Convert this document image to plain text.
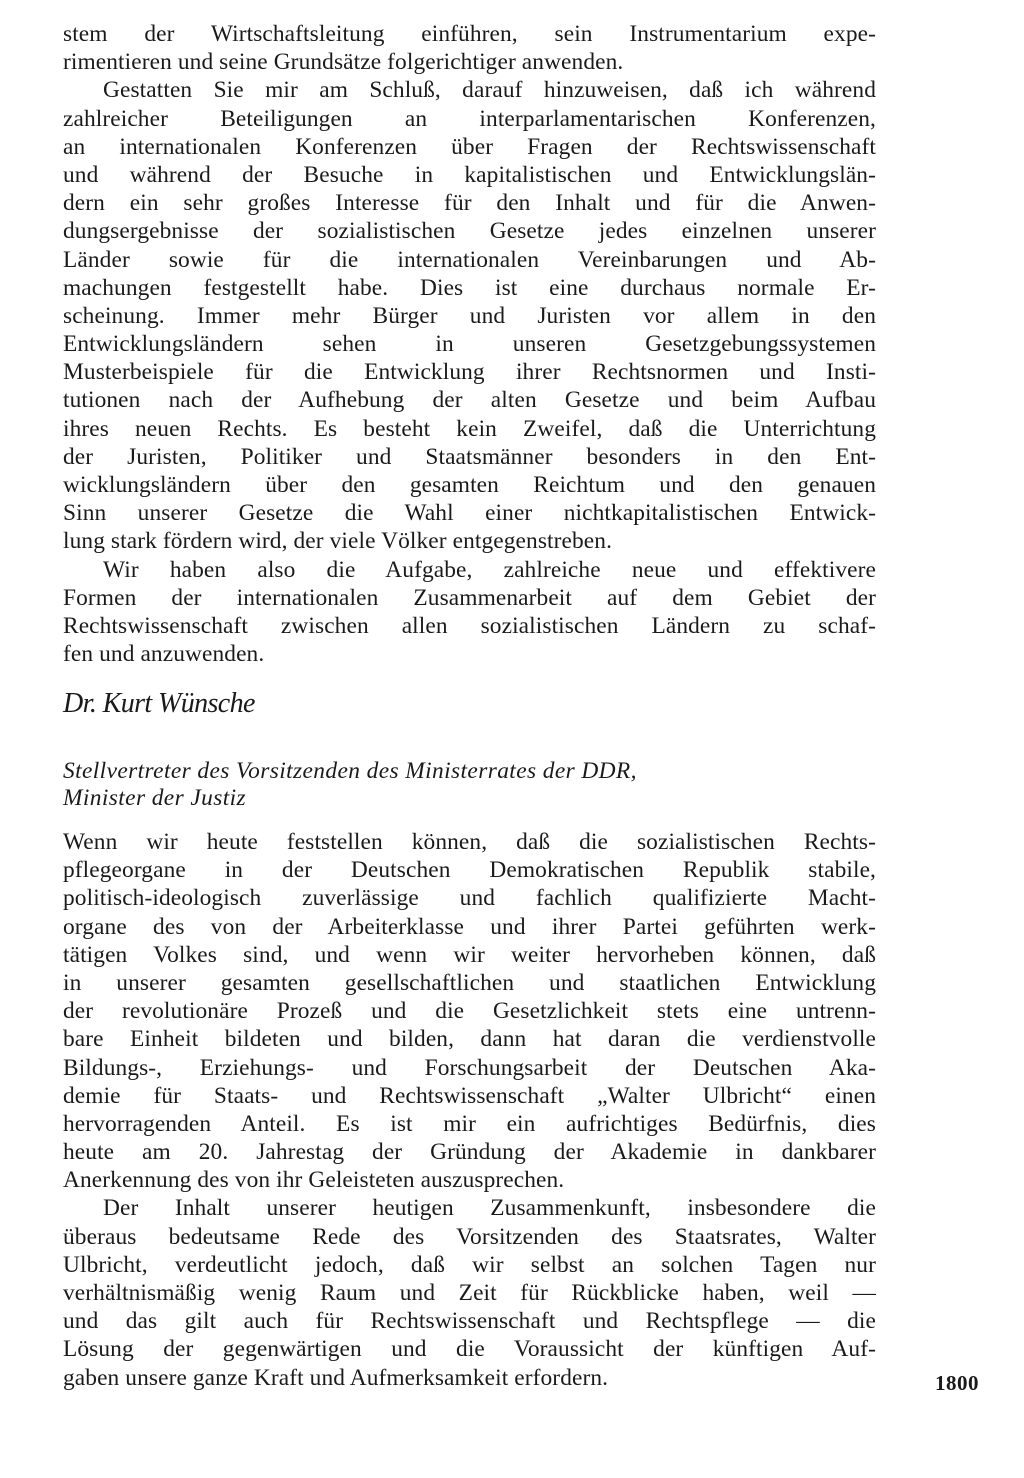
stem der Wirtschaftsleitung einführen, sein Instrumentarium expe-
rimentieren und seine Grundsätze folgerichtiger anwenden.
Gestatten Sie mir am Schluß, darauf hinzuweisen, daß ich während
zahlreicher Beteiligungen an interparlamentarischen Konferenzen,
an internationalen Konferenzen über Fragen der Rechtswissenschaft
und während der Besuche in kapitalistischen und Entwicklungslän-
dern ein sehr großes Interesse für den Inhalt und für die Anwen-
dungsergebnisse der sozialistischen Gesetze jedes einzelnen unserer
Länder sowie für die internationalen Vereinbarungen und Ab-
machungen festgestellt habe. Dies ist eine durchaus normale Er-
scheinung. Immer mehr Bürger und Juristen vor allem in den
Entwicklungsländern sehen in unseren Gesetzgebungssystemen
Musterbeispiele für die Entwicklung ihrer Rechtsnormen und Insti-
tutionen nach der Aufhebung der alten Gesetze und beim Aufbau
ihres neuen Rechts. Es besteht kein Zweifel, daß die Unterrichtung
der Juristen, Politiker und Staatsmänner besonders in den Ent-
wicklungsländern über den gesamten Reichtum und den genauen
Sinn unserer Gesetze die Wahl einer nichtkapitalistischen Entwick-
lung stark fördern wird, der viele Völker entgegenstreben.
Wir haben also die Aufgabe, zahlreiche neue und effektivere
Formen der internationalen Zusammenarbeit auf dem Gebiet der
Rechtswissenschaft zwischen allen sozialistischen Ländern zu schaf-
fen und anzuwenden.
Dr. Kurt Wünsche
Stellvertreter des Vorsitzenden des Ministerrates der DDR,
Minister der Justiz
Wenn wir heute feststellen können, daß die sozialistischen Rechts-
pflegeorgane in der Deutschen Demokratischen Republik stabile,
politisch-ideologisch zuverlässige und fachlich qualifizierte Macht-
organe des von der Arbeiterklasse und ihrer Partei geführten werk-
tätigen Volkes sind, und wenn wir weiter hervorheben können, daß
in unserer gesamten gesellschaftlichen und staatlichen Entwicklung
der revolutionäre Prozeß und die Gesetzlichkeit stets eine untrenn-
bare Einheit bildeten und bilden, dann hat daran die verdienstvolle
Bildungs-, Erziehungs- und Forschungsarbeit der Deutschen Aka-
demie für Staats- und Rechtswissenschaft „Walter Ulbricht“ einen
hervorragenden Anteil. Es ist mir ein aufrichtiges Bedürfnis, dies
heute am 20. Jahrestag der Gründung der Akademie in dankbarer
Anerkennung des von ihr Geleisteten auszusprechen.
Der Inhalt unserer heutigen Zusammenkunft, insbesondere die
überaus bedeutsame Rede des Vorsitzenden des Staatsrates, Walter
Ulbricht, verdeutlicht jedoch, daß wir selbst an solchen Tagen nur
verhältnismäßig wenig Raum und Zeit für Rückblicke haben, weil —
und das gilt auch für Rechtswissenschaft und Rechtspflege — die
Lösung der gegenwärtigen und die Voraussicht der künftigen Auf-
gaben unsere ganze Kraft und Aufmerksamkeit erfordern.	1800
